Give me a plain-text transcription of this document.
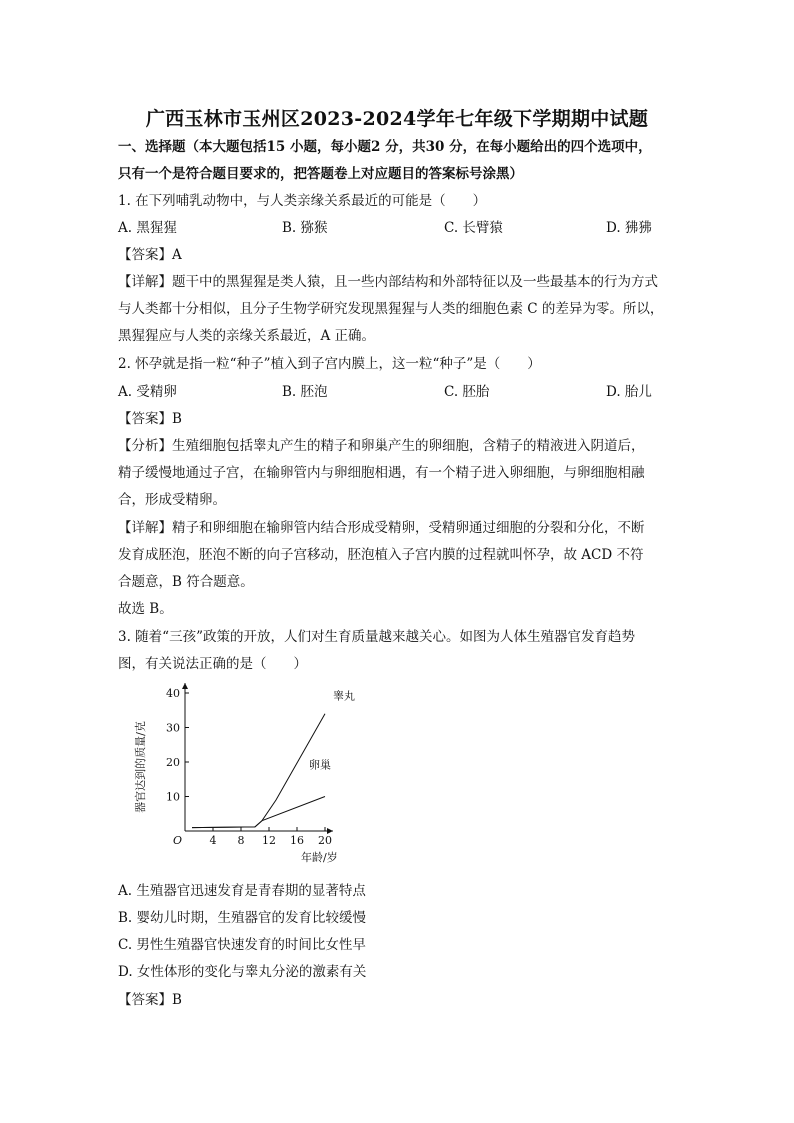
广西玉林市玉州区2023-2024学年七年级下学期期中试题
一、选择题（本大题包括15 小题，每小题2 分，共30 分，在每小题给出的四个选项中，
只有一个是符合题目要求的，把答题卷上对应题目的答案标号涂黑）
1. 在下列哺乳动物中，与人类亲缘关系最近的可能是（　　）
A. 黑猩猩	B. 猕猴	C. 长臂猿	D. 狒狒
【答案】A
【详解】题干中的黑猩猩是类人猿，且一些内部结构和外部特征以及一些最基本的行为方式
与人类都十分相似，且分子生物学研究发现黑猩猩与人类的细胞色素 C 的差异为零。所以，
黑猩猩应与人类的亲缘关系最近，A 正确。
2. 怀孕就是指一粒“种子”植入到子宫内膜上，这一粒“种子”是（　　）
A. 受精卵	B. 胚泡	C. 胚胎	D. 胎儿
【答案】B
【分析】生殖细胞包括睾丸产生的精子和卵巢产生的卵细胞，含精子的精液进入阴道后，
精子缓慢地通过子宫，在输卵管内与卵细胞相遇，有一个精子进入卵细胞，与卵细胞相融
合，形成受精卵。
【详解】精子和卵细胞在输卵管内结合形成受精卵，受精卵通过细胞的分裂和分化，不断
发育成胚泡，胚泡不断的向子宫移动，胚泡植入子宫内膜的过程就叫怀孕，故 ACD 不符
合题意，B 符合题意。
故选 B。
3. 随着“三孩”政策的开放，人们对生育质量越来越关心。如图为人体生殖器官发育趋势
图，有关说法正确的是（　　）
4 8 12 16 20
10
20
30
40
O
年龄/岁
器官达到的质量/克
睾丸
卵巢
A. 生殖器官迅速发育是青春期的显著特点
B. 婴幼儿时期，生殖器官的发育比较缓慢
C. 男性生殖器官快速发育的时间比女性早
D. 女性体形的变化与睾丸分泌的激素有关
【答案】B
